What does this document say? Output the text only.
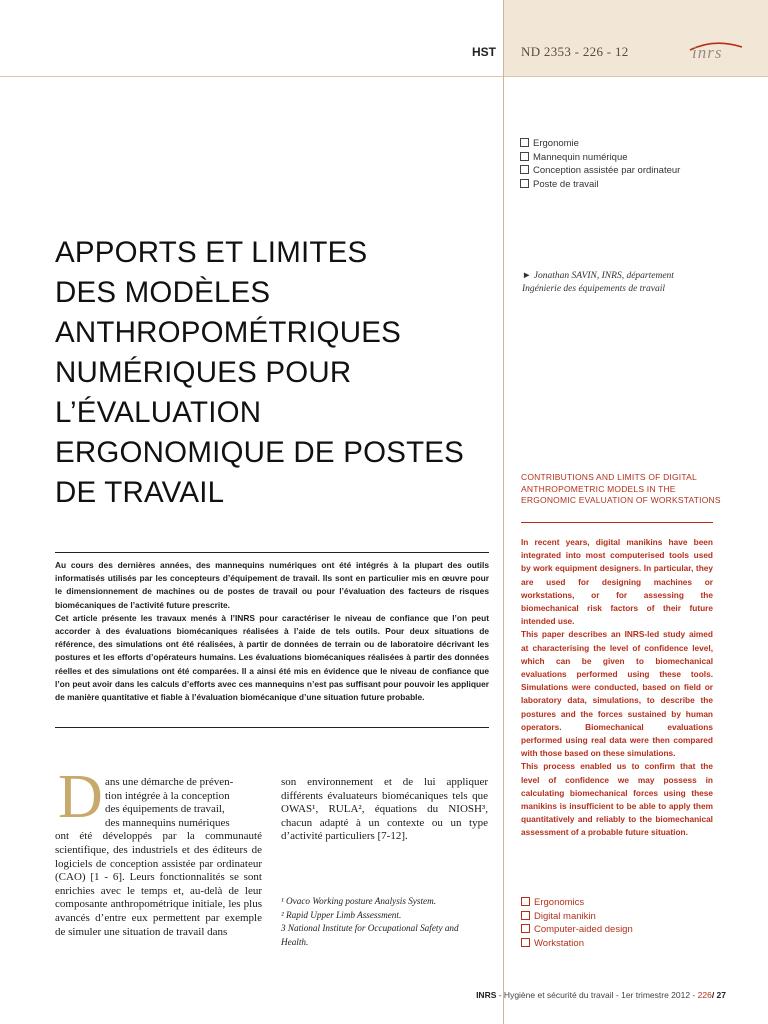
HST ND 2353 - 226 - 12	inrs
Ergonomie
Mannequin numérique
Conception assistée par ordinateur
Poste de travail
► Jonathan SAVIN, INRS, département
Ingénierie des équipements de travail
APPORTS ET LIMITES
DES MODÈLES
ANTHROPOMÉTRIQUES
NUMÉRIQUES POUR
L’ÉVALUATION
ERGONOMIQUE DE POSTES
DE TRAVAIL	CONTRIBUTIONS AND LIMITS OF DIGITAL ANTHROPOMETRIC MODELS IN THE ERGONOMIC EVALUATION OF WORKSTATIONS
In recent years, digital manikins have been integrated into most computerised tools used by work equipment designers. In particular, they are used for designing machines or workstations, or for assessing the biomechanical risk factors of their future intended use.
This paper describes an INRS-led study aimed at characterising the level of confidence level, which can be given to biomechanical evaluations performed using these tools. Simulations were conducted, based on field or laboratory data, simulations, to describe the postures and the forces sustained by human operators. Biomechanical evaluations performed using real data were then compared with those based on these simulations.
This process enabled us to confirm that the level of confidence we may possess in calculating biomechanical forces using these manikins is insufficient to be able to apply them quantitatively and reliably to the biomechanical assessment of a probable future situation.
Au cours des dernières années, des mannequins numériques ont été intégrés à la plupart des outils informatisés utilisés par les concepteurs d’équipement de travail. Ils sont en particulier mis en œuvre pour le dimensionnement de machines ou de postes de travail ou pour l’évaluation des facteurs de risques biomécaniques de l’activité future prescrite.
Cet article présente les travaux menés à l’INRS pour caractériser le niveau de confiance que l’on peut accorder à des évaluations biomécaniques réalisées à l’aide de tels outils. Pour deux situations de référence, des simulations ont été réalisées, à partir de données de terrain ou de laboratoire décrivant les postures et les efforts d’opérateurs humains. Les évaluations biomécaniques réalisées à partir des données réelles et des simulations ont été comparées. Il a ainsi été mis en évidence que le niveau de confiance que l’on peut avoir dans les calculs d’efforts avec ces mannequins n’est pas suffisant pour pouvoir les appliquer de manière quantitative et fiable à l’évaluation biomécanique d’une situation future probable.
D ans une démarche de préven-
tion intégrée à la conception
des équipements de travail,
des mannequins numériques
ont été développés par la communauté scientifique, des industriels et des éditeurs de logiciels de conception assistée par ordinateur (CAO) [1 - 6]. Leurs fonctionnalités se sont enrichies avec le temps et, au-delà de leur composante anthropométrique initiale, les plus avancés d’entre eux permettent par exemple de simuler une situation de travail dans
son environnement et de lui appliquer différents évaluateurs biomécaniques tels que OWAS¹, RULA², équations du NIOSH³, chacun adapté à un contexte ou un type d’activité particuliers [7-12].
¹ Ovaco Working posture Analysis System.
² Rapid Upper Limb Assessment.
3 National Institute for Occupational Safety and Health.
Ergonomics
Digital manikin
Computer-aided design
Workstation
INRS - Hygiène et sécurité du travail - 1er trimestre 2012 - 226/ 27
